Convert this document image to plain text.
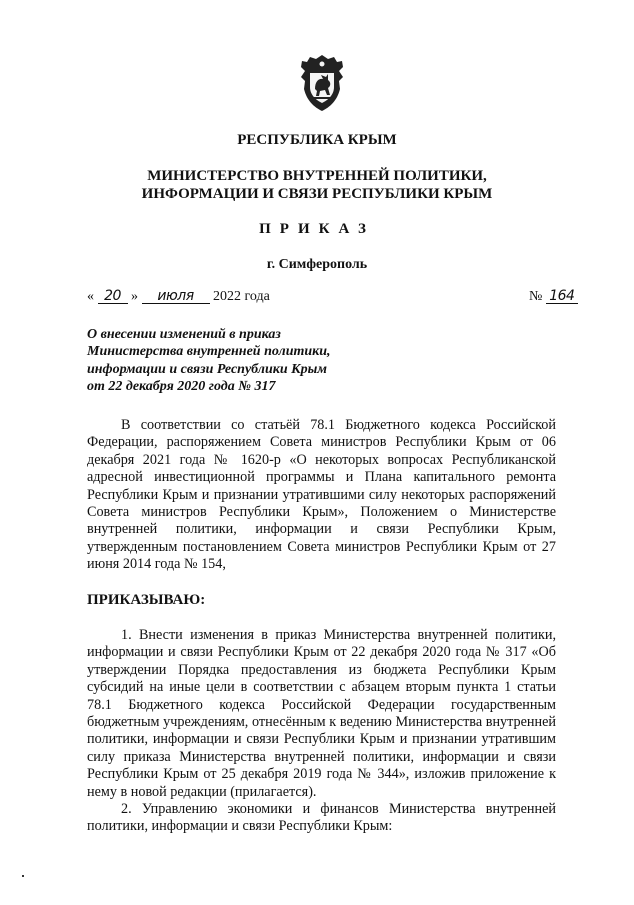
РЕСПУБЛИКА КРЫМ
МИНИСТЕРСТВО ВНУТРЕННЕЙ ПОЛИТИКИ,
ИНФОРМАЦИИ И СВЯЗИ РЕСПУБЛИКИ КРЫМ
ПРИКАЗ
г. Симферополь
« 20 » июля 2022 года	№ 164
О внесении изменений в приказ
Министерства внутренней политики,
информации и связи Республики Крым
от 22 декабря 2020 года № 317
В соответствии со статьёй 78.1 Бюджетного кодекса Российской Федерации, распоряжением Совета министров Республики Крым от 06 декабря 2021 года № 1620-р «О некоторых вопросах Республиканской адресной инвестиционной программы и Плана капитального ремонта Республики Крым и признании утратившими силу некоторых распоряжений Совета министров Республики Крым», Положением о Министерстве внутренней политики, информации и связи Республики Крым, утвержденным постановлением Совета министров Республики Крым от 27 июня 2014 года № 154,
ПРИКАЗЫВАЮ:

1. Внести изменения в приказ Министерства внутренней политики, информации и связи Республики Крым от 22 декабря 2020 года № 317 «Об утверждении Порядка предоставления из бюджета Республики Крым субсидий на иные цели в соответствии с абзацем вторым пункта 1 статьи 78.1 Бюджетного кодекса Российской Федерации государственным бюджетным учреждениям, отнесённым к ведению Министерства внутренней политики, информации и связи Республики Крым и признании утратившим силу приказа Министерства внутренней политики, информации и связи Республики Крым от 25 декабря 2019 года № 344», изложив приложение к нему в новой редакции (прилагается).

2. Управлению экономики и финансов Министерства внутренней политики, информации и связи Республики Крым:
